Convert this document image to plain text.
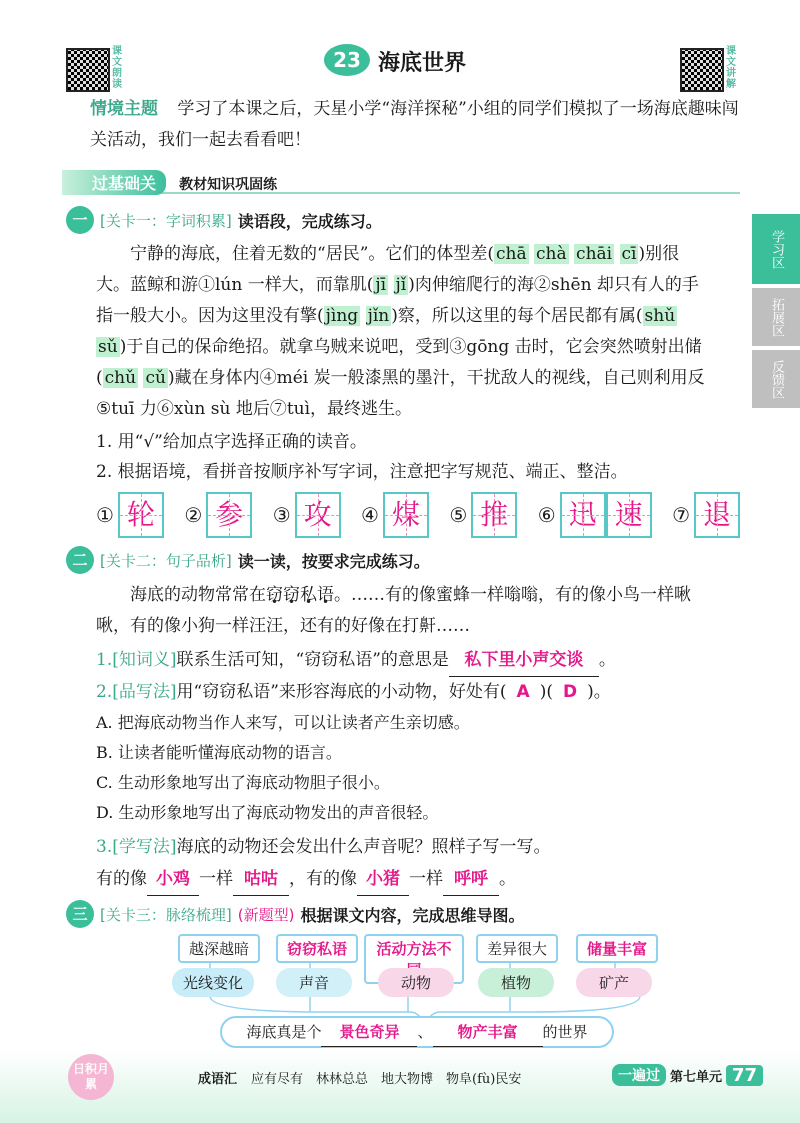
课文朗读
23 海底世界	课文讲解
情境主题 学习了本课之后，天星小学“海洋探秘”小组的同学们模拟了一场海底趣味闯关活动，我们一起去看看吧！
过基础关 教材知识巩固练
学习区
拓展区
反馈区
一 [关卡一：字词积累] 读语段，完成练习。
宁静的海底，住着无数的“居民”。它们的体型差( chā chà chāi cī )别很
大。蓝鲸和游①lún 一样大，而靠肌( jī jǐ )肉伸缩爬行的海②shēn 却只有人的手
指一般大小。因为这里没有擎( jìng jǐn )察，所以这里的每个居民都有属( shǔ
sǔ )于自己的保命绝招。就拿乌贼来说吧，受到③gōng 击时，它会突然喷射出储
( chǔ cǔ )藏在身体内④méi 炭一般漆黑的墨汁，干扰敌人的视线，自己则利用反
⑤tuī 力⑥xùn sù 地后⑦tuì，最终逃生。
1. 用“√”给加点字选择正确的读音。
2. 根据语境，看拼音按顺序补写字词，注意把字写规范、端正、整洁。
① 轮	② 参	③ 攻	④ 煤	⑤ 推	⑥ 迅 速	⑦ 退
二 [关卡二：句子品析] 读一读，按要求完成练习。
海底的动物常常在窃窃私语。……有的像蜜蜂一样嗡嗡，有的像小鸟一样啾
啾，有的像小狗一样汪汪，还有的好像在打鼾……
1.[知词义]联系生活可知，“窃窃私语”的意思是 私下里小声交谈 。
2.[品写法]用“窃窃私语”来形容海底的小动物，好处有( A )( D )。
A. 把海底动物当作人来写，可以让读者产生亲切感。
B. 让读者能听懂海底动物的语言。
C. 生动形象地写出了海底动物胆子很小。
D. 生动形象地写出了海底动物发出的声音很轻。
3.[学写法]海底的动物还会发出什么声音呢？照样子写一写。
有的像 小鸡 一样 咕咕 ，有的像 小猪 一样 呼呼 。
三 [关卡三：脉络梳理] (新题型) 根据课文内容，完成思维导图。
越深越暗	窃窃私语	活动方法不	差异很大	储量丰富
光线变化	声音	动物	植物	矿产
海底真是个 景色奇异 、 物产丰富 的世界
日积月累	成语汇 应有尽有　林林总总　地大物博　物阜(fù)民安	一遍过 第七单元 77
